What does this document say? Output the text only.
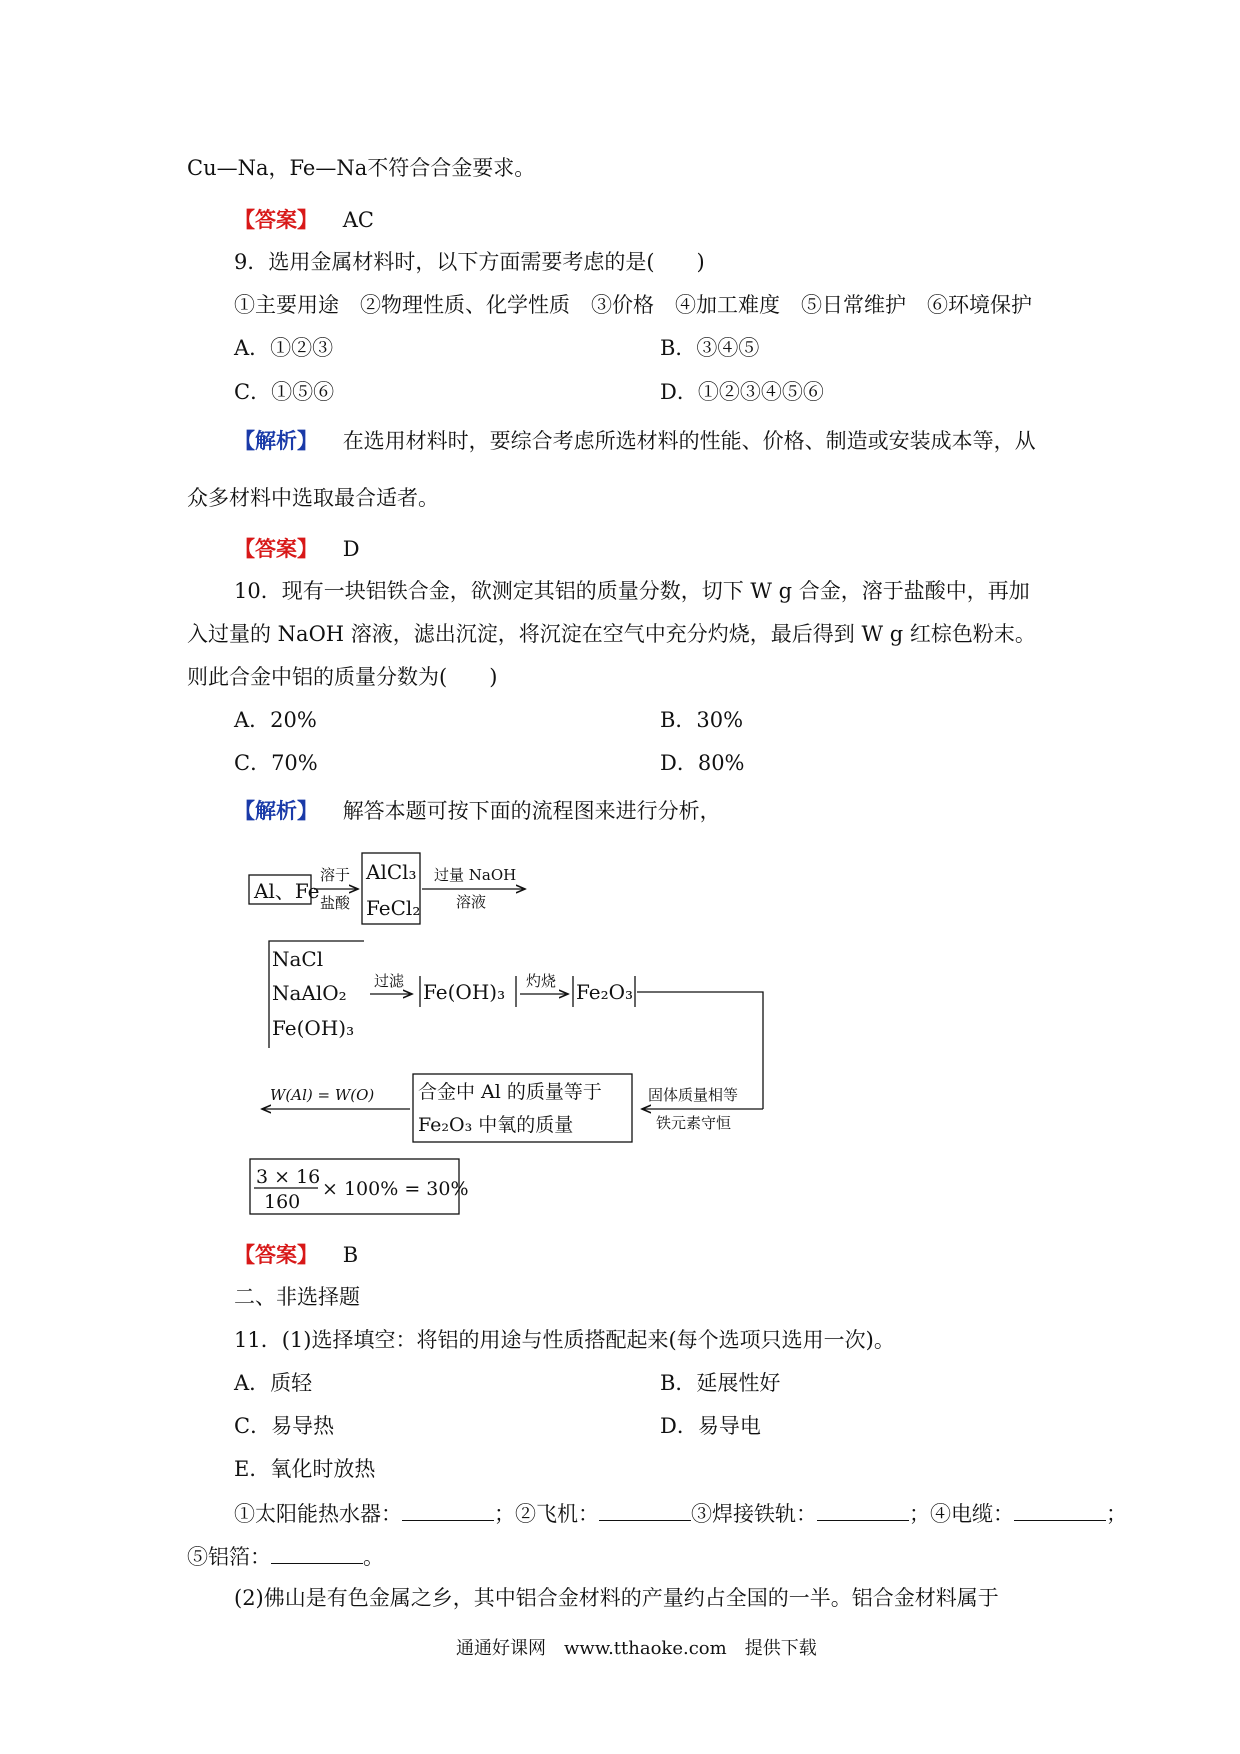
Cu—Na，Fe—Na不符合合金要求。
【答案】 AC
9．选用金属材料时，以下方面需要考虑的是(　　)
①主要用途　②物理性质、化学性质　③价格　④加工难度　⑤日常维护　⑥环境保护
A．①②③	B．③④⑤
C．①⑤⑥	D．①②③④⑤⑥
【解析】 在选用材料时，要综合考虑所选材料的性能、价格、制造或安装成本等，从
众多材料中选取最合适者。
【答案】 D
10．现有一块铝铁合金，欲测定其铝的质量分数，切下 W g 合金，溶于盐酸中，再加
入过量的 NaOH 溶液，滤出沉淀，将沉淀在空气中充分灼烧，最后得到 W g 红棕色粉末。
则此合金中铝的质量分数为(　　)
A．20%	B．30%
C．70%	D．80%
【解析】 解答本题可按下面的流程图来进行分析，
Al、Fe
溶于
盐酸
AlCl₃
FeCl₂
过量 NaOH
溶液
NaCl
NaAlO₂
Fe(OH)₃
过滤 Fe(OH)₃ 灼烧 Fe₂O₃
固体质量相等
铁元素守恒
合金中 Al 的质量等于
Fe₂O₃ 中氧的质量
W(Al) = W(O)
3 × 16
160
× 100% = 30%
【答案】 B
二、非选择题
11．(1)选择填空：将铝的用途与性质搭配起来(每个选项只选用一次)。
A．质轻	B．延展性好
C．易导热	D．易导电
E．氧化时放热
①太阳能热水器：	；②飞机：	③焊接铁轨：	；④电缆：	；
⑤铝箔：	。
(2)佛山是有色金属之乡，其中铝合金材料的产量约占全国的一半。铝合金材料属于
通通好课网　www.tthaoke.com　提供下载
